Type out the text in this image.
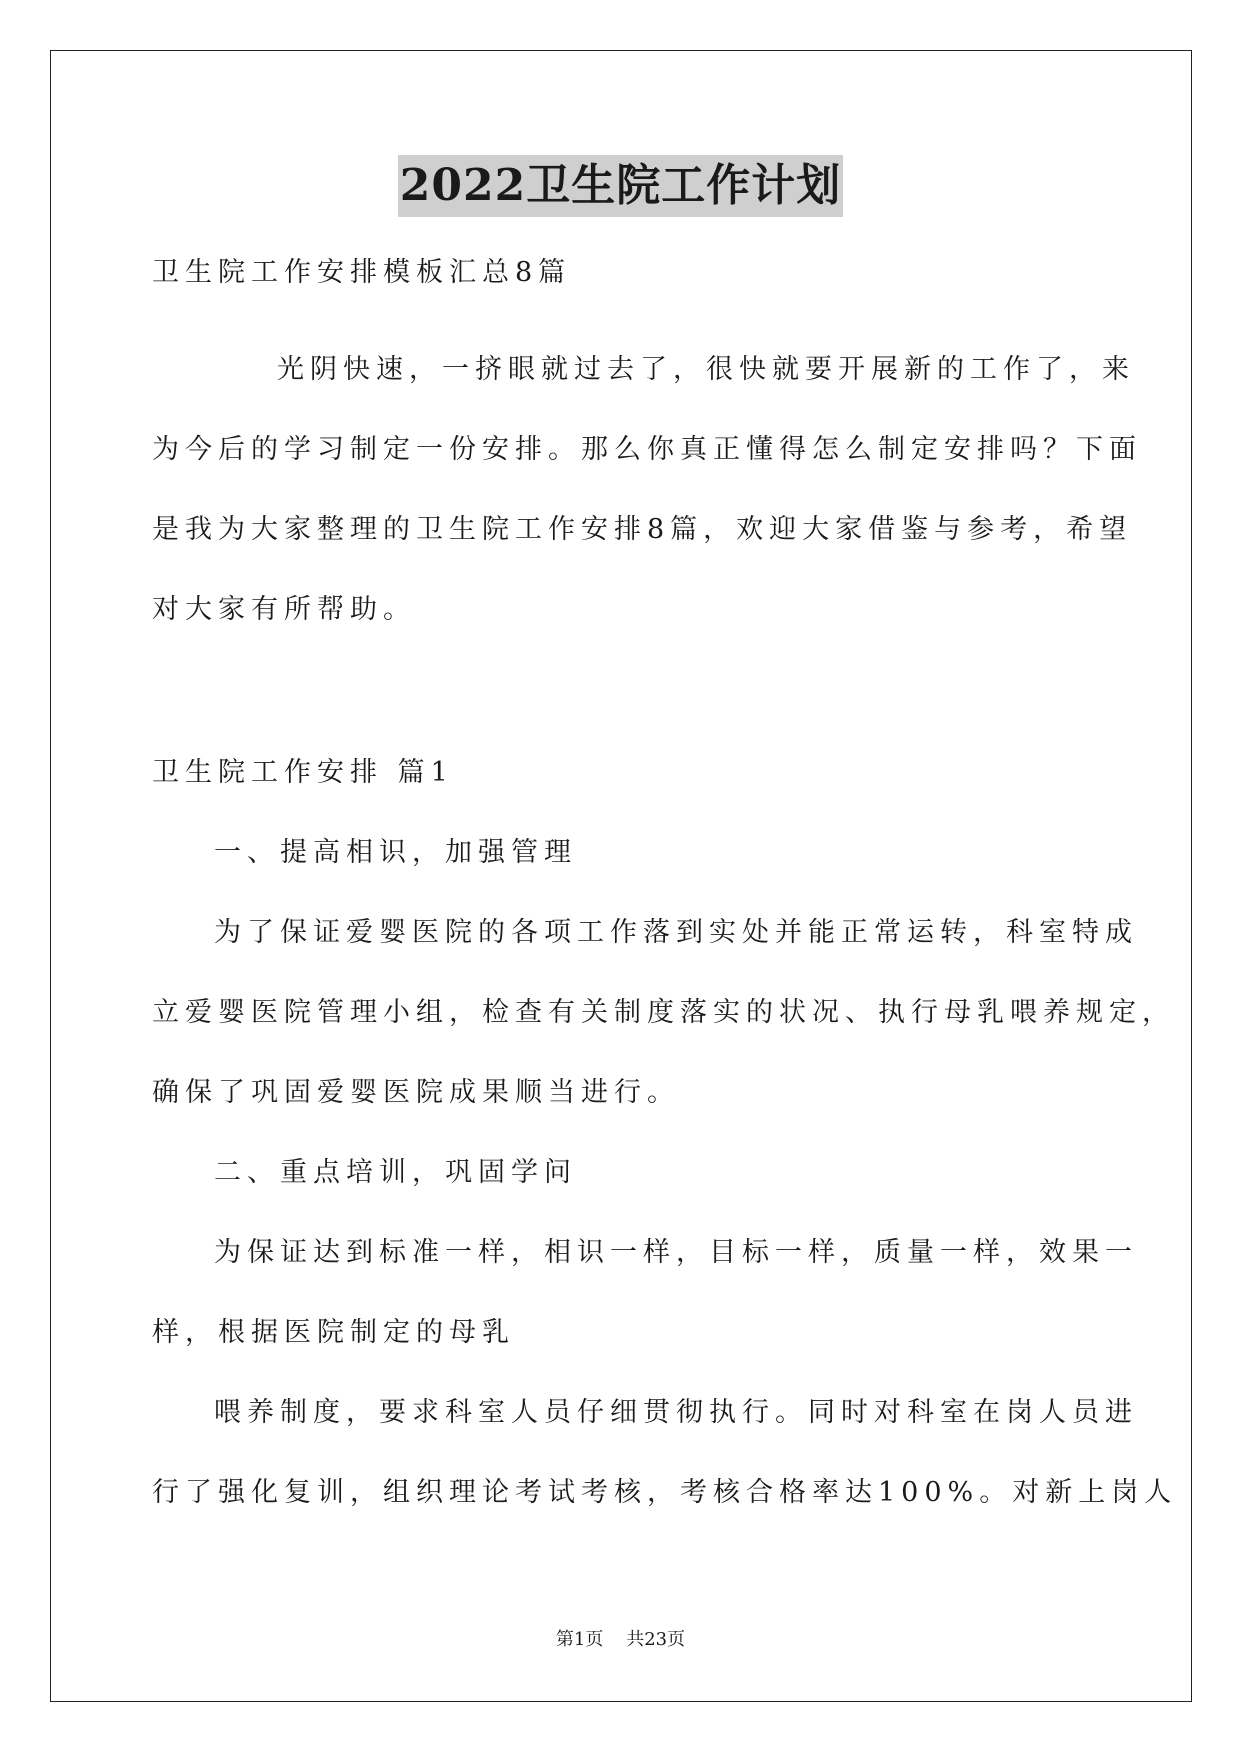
2022卫生院工作计划
卫生院工作安排模板汇总8篇
光阴快速，一挤眼就过去了，很快就要开展新的工作了，来
为今后的学习制定一份安排。那么你真正懂得怎么制定安排吗？下面
是我为大家整理的卫生院工作安排8篇，欢迎大家借鉴与参考，希望
对大家有所帮助。
卫生院工作安排 篇1
一、提高相识，加强管理
为了保证爱婴医院的各项工作落到实处并能正常运转，科室特成
立爱婴医院管理小组，检查有关制度落实的状况、执行母乳喂养规定，
确保了巩固爱婴医院成果顺当进行。
二、重点培训，巩固学问
为保证达到标准一样，相识一样，目标一样，质量一样，效果一
样，根据医院制定的母乳
喂养制度，要求科室人员仔细贯彻执行。同时对科室在岗人员进
行了强化复训，组织理论考试考核，考核合格率达100%。对新上岗人
第1页    共23页
